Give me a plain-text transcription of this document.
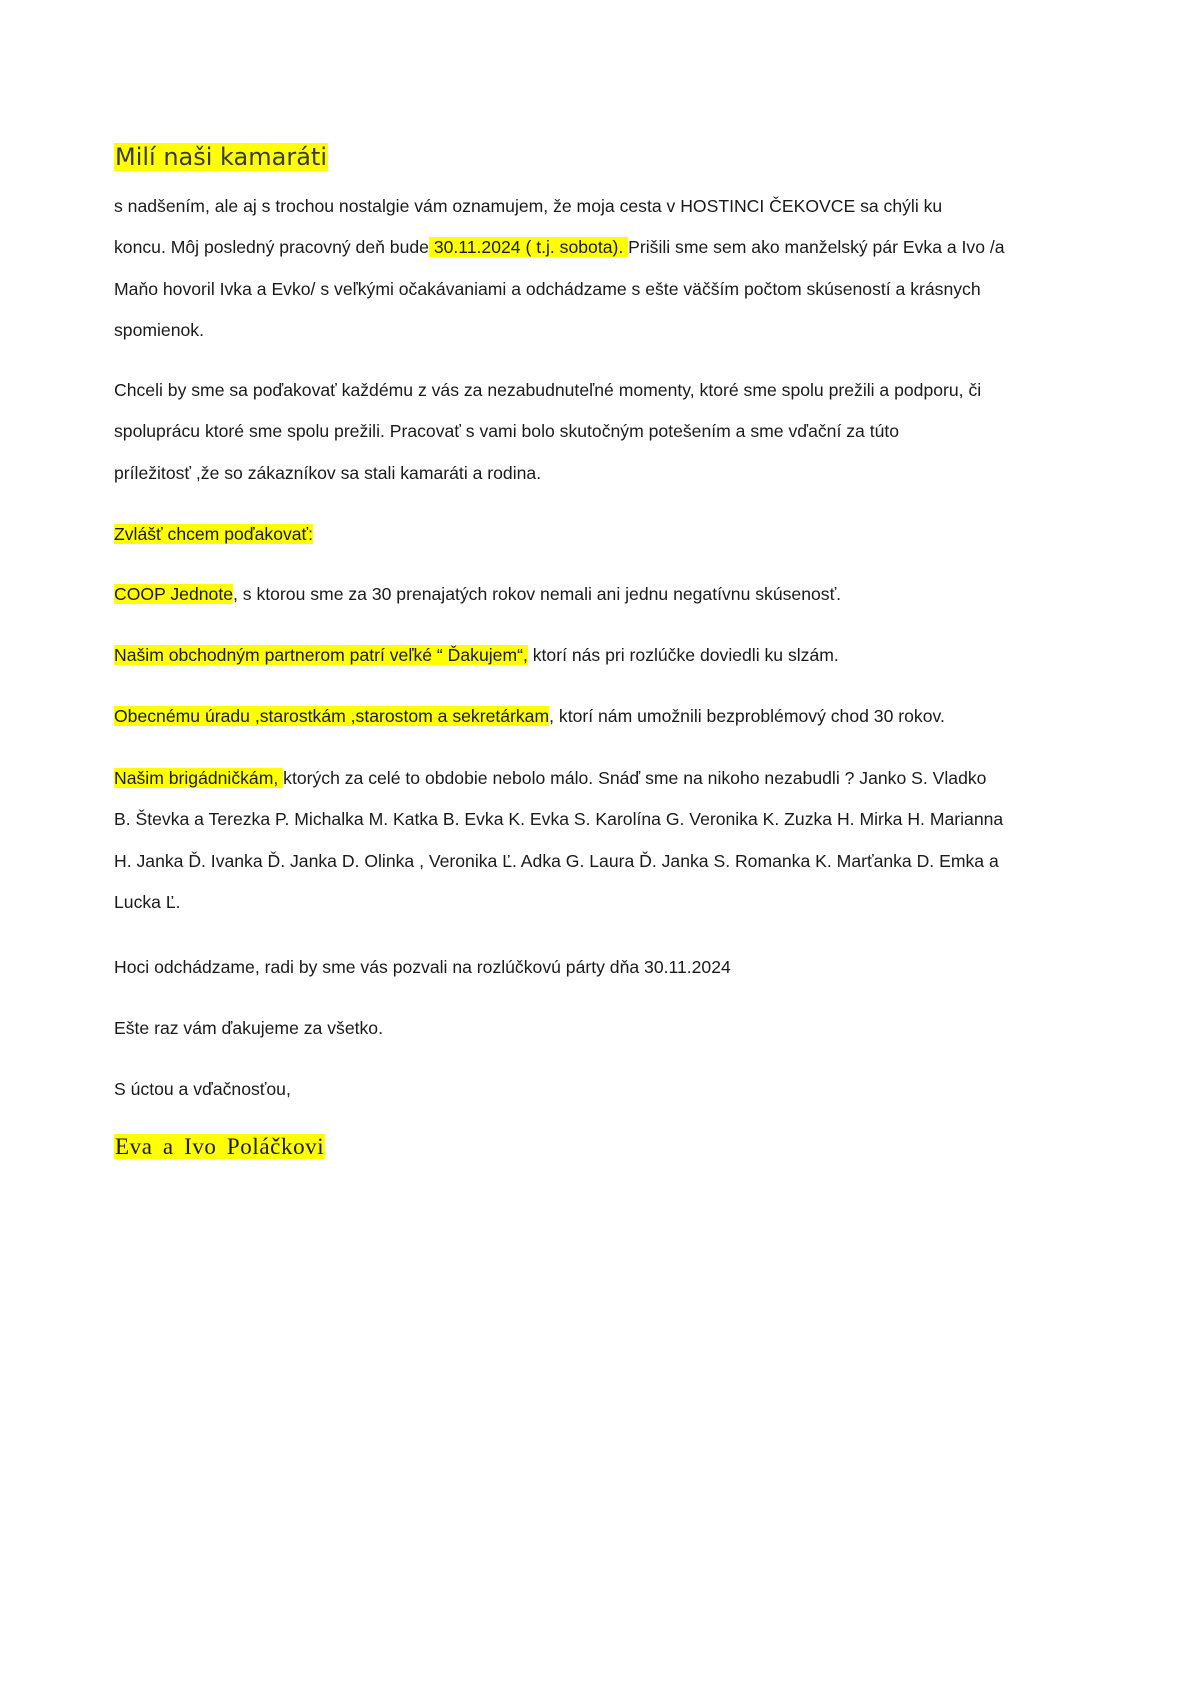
Milí naši kamaráti

s nadšením, ale aj s trochou nostalgie vám oznamujem, že moja cesta v HOSTINCI ČEKOVCE sa chýli ku
koncu. Môj posledný pracovný deň bude 30.11.2024 ( t.j. sobota). Prišili sme sem ako manželský pár Evka a Ivo /a
Maňo hovoril Ivka a Evko/ s veľkými očakávaniami a odchádzame s ešte väčším počtom skúseností a krásnych
spomienok.

Chceli by sme sa poďakovať každému z vás za nezabudnuteľné momenty, ktoré sme spolu prežili a podporu, či
spoluprácu ktoré sme spolu prežili. Pracovať s vami bolo skutočným potešením a sme vďační za túto
príležitosť ,že so zákazníkov sa stali kamaráti a rodina.

Zvlášť chcem poďakovať:

COOP Jednote, s ktorou sme za 30 prenajatých rokov nemali ani jednu negatívnu skúsenosť.

Našim obchodným partnerom patrí veľké “ Ďakujem“, ktorí nás pri rozlúčke doviedli ku slzám.

Obecnému úradu ,starostkám ,starostom a sekretárkam, ktorí nám umožnili bezproblémový chod 30 rokov.

Našim brigádničkám, ktorých za celé to obdobie nebolo málo. Snáď sme na nikoho nezabudli ? Janko S. Vladko
B. Števka a Terezka P. Michalka M. Katka B. Evka K. Evka S. Karolína G. Veronika K. Zuzka H. Mirka H. Marianna
H. Janka Ď. Ivanka Ď. Janka D. Olinka , Veronika Ľ. Adka G. Laura Ď. Janka S. Romanka K. Marťanka D. Emka a
Lucka Ľ.

Hoci odchádzame, radi by sme vás pozvali na rozlúčkovú párty dňa 30.11.2024

Ešte raz vám ďakujeme za všetko.

S úctou a vďačnosťou,

Eva a Ivo Poláčkovi
